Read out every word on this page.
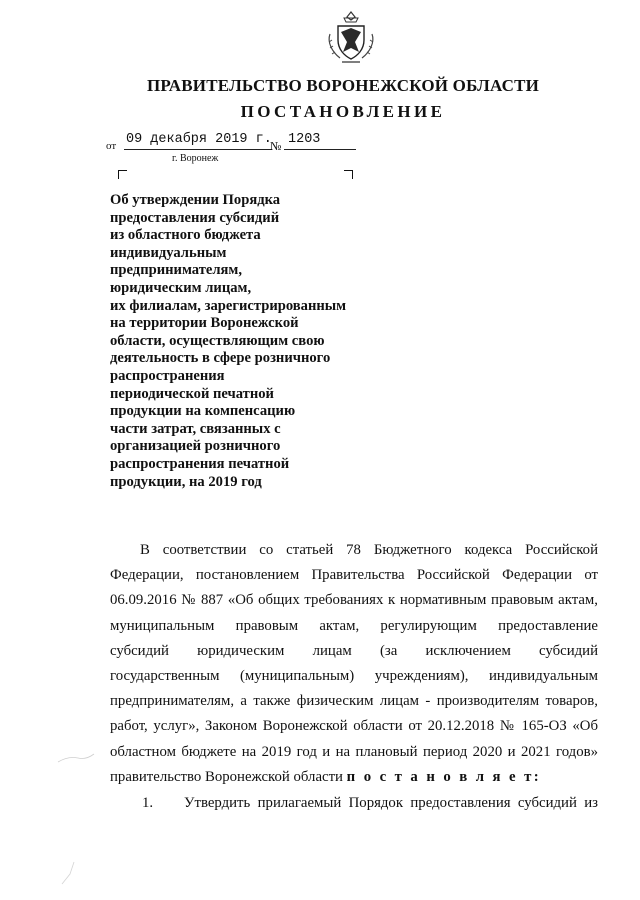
ПРАВИТЕЛЬСТВО ВОРОНЕЖСКОЙ ОБЛАСТИ
ПОСТАНОВЛЕНИЕ
от 09 декабря 2019 г.
№ 1203
г. Воронеж
Об утверждении Порядка
предоставления субсидий
из областного бюджета
индивидуальным
предпринимателям,
юридическим лицам,
их филиалам, зарегистрированным
на территории Воронежской
области, осуществляющим свою
деятельность в сфере розничного
распространения
периодической печатной
продукции на компенсацию
части затрат, связанных с
организацией розничного
распространения печатной
продукции, на 2019 год
В соответствии со статьей 78 Бюджетного кодекса Российской
Федерации, постановлением Правительства Российской Федерации от
06.09.2016 № 887 «Об общих требованиях к нормативным правовым актам,
муниципальным правовым актам, регулирующим предоставление
субсидий юридическим лицам (за исключением субсидий
государственным (муниципальным) учреждениям), индивидуальным
предпринимателям, а также физическим лицам - производителям товаров,
работ, услуг», Законом Воронежской области от 20.12.2018 № 165-ОЗ «Об
областном бюджете на 2019 год и на плановый период 2020 и 2021 годов»
правительство Воронежской области п о с т а н о в л я е т:
1. Утвердить прилагаемый Порядок предоставления субсидий из
